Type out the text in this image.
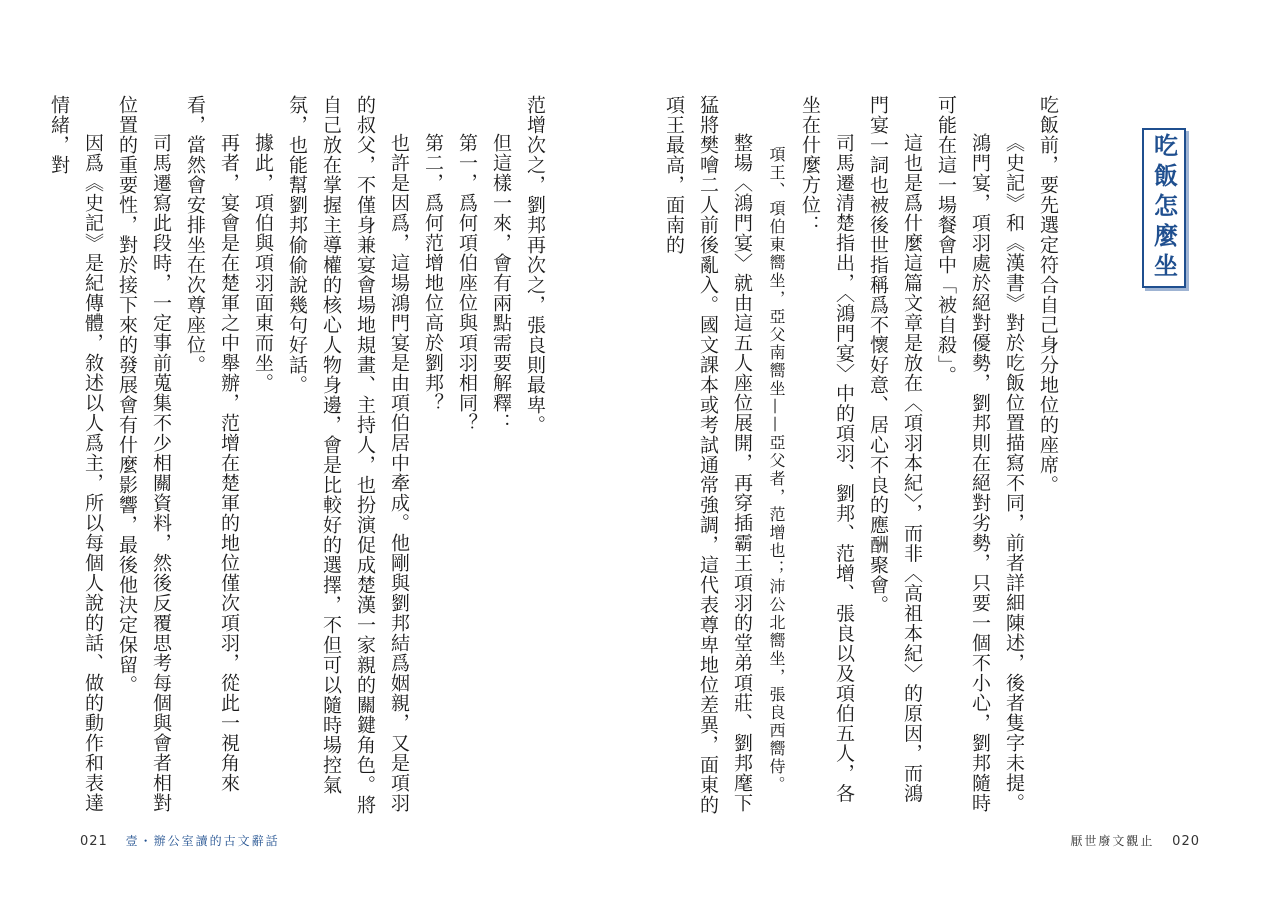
吃飯怎麼坐

吃飯前，要先選定符合自己身分地位的座席。

《史記》和《漢書》對於吃飯位置描寫不同，前者詳細陳述，後者隻字未提。

鴻門宴，項羽處於絕對優勢，劉邦則在絕對劣勢，只要一個不小心，劉邦隨時可能在這一場餐會中「被自殺」。

這也是爲什麼這篇文章是放在〈項羽本紀〉，而非〈高祖本紀〉的原因，而鴻門宴一詞也被後世指稱爲不懷好意、居心不良的應酬聚會。

司馬遷清楚指出，〈鴻門宴〉中的項羽、劉邦、范增、張良以及項伯五人，各坐在什麼方位：

項王、項伯東嚮坐，亞父南嚮坐——亞父者，范增也；沛公北嚮坐，張良西嚮侍。

整場〈鴻門宴〉就由這五人座位展開，再穿插霸王項羽的堂弟項莊、劉邦麾下猛將樊噲二人前後亂入。國文課本或考試通常強調，這代表尊卑地位差異，面東的項王最高，面南的

范增次之，劉邦再次之，張良則最卑。

但這樣一來，會有兩點需要解釋：

第一，爲何項伯座位與項羽相同？

第二，爲何范增地位高於劉邦？

也許是因爲，這場鴻門宴是由項伯居中牽成。他剛與劉邦結爲姻親，又是項羽的叔父，不僅身兼宴會場地規畫、主持人，也扮演促成楚漢一家親的關鍵角色。將自己放在掌握主導權的核心人物身邊，會是比較好的選擇，不但可以隨時場控氣氛，也能幫劉邦偷偷說幾句好話。

據此，項伯與項羽面東而坐。

再者，宴會是在楚軍之中舉辦，范增在楚軍的地位僅次項羽，從此一視角來看，當然會安排坐在次尊座位。

司馬遷寫此段時，一定事前蒐集不少相關資料，然後反覆思考每個與會者相對位置的重要性，對於接下來的發展會有什麼影響，最後他決定保留。

因爲《史記》是紀傳體，敘述以人爲主，所以每個人說的話、做的動作和表達情緒，對

021 壹・辦公室讀的古文辭話	厭世廢文觀止 020
